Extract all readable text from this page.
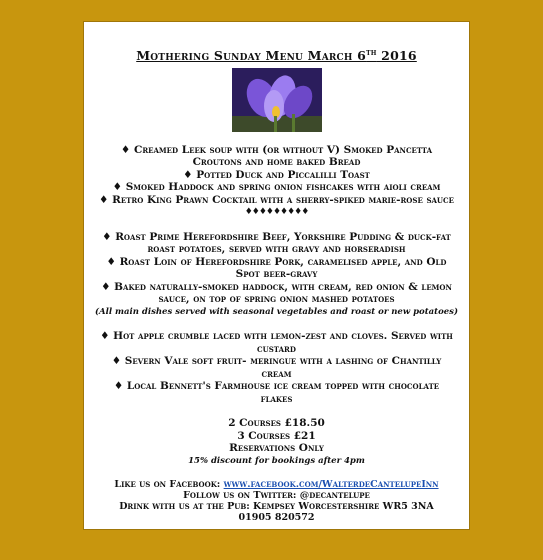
Mothering Sunday Menu March 6th 2016
♦ Creamed Leek soup with (or without V) Smoked Pancetta Croutons and home baked Bread
♦ Potted Duck and Piccalilli Toast
♦ Smoked Haddock and spring onion fishcakes with aioli cream
♦ Retro King Prawn Cocktail with a sherry-spiked marie-rose sauce
♦♦♦♦♦♦♦♦♦
♦ Roast Prime Herefordshire Beef, Yorkshire Pudding & duck-fat roast potatoes, served with gravy and horseradish
♦ Roast Loin of Herefordshire Pork, caramelised apple, and Old Spot beer-gravy
♦ Baked naturally-smoked haddock, with cream, red onion & lemon sauce, on top of spring onion mashed potatoes
(All main dishes served with seasonal vegetables and roast or new potatoes)
♦ Hot apple crumble laced with lemon-zest and cloves. Served with custard
♦ Severn Vale soft fruit- meringue with a lashing of Chantilly cream
♦ Local Bennett's Farmhouse ice cream topped with chocolate flakes
2 Courses £18.50
3 Courses £21
Reservations Only
15% discount for bookings after 4pm
Like us on Facebook: www.facebook.com/WalterdeCantelupeInn
Follow us on Twitter: @decantelupe
Drink with us at the Pub: Kempsey Worcestershire WR5 3NA
01905 820572
